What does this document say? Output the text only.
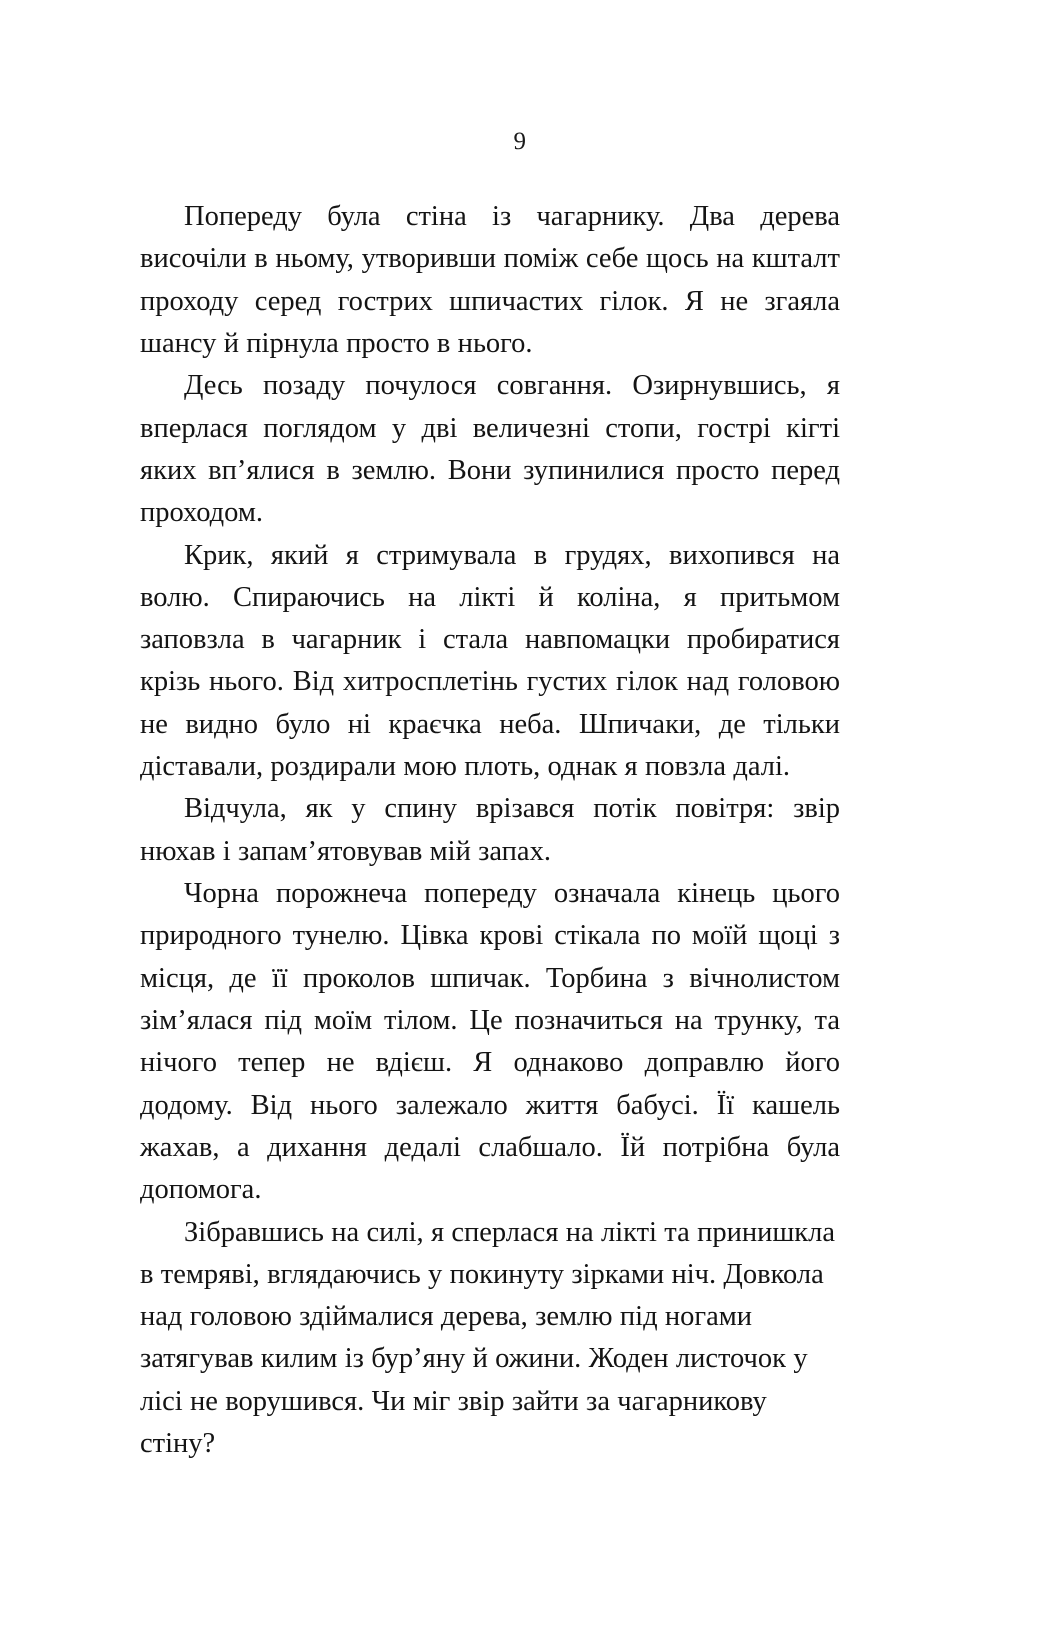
9

Попереду була стіна із чагарнику. Два дерева височіли в ньому, утворивши поміж себе щось на кшталт проходу серед гострих шпичастих гілок. Я не згаяла шансу й пірнула просто в нього.

Десь позаду почулося совгання. Озирнувшись, я вперлася поглядом у дві величезні стопи, гострі кігті яких вп’ялися в землю. Вони зупинилися просто перед проходом.

Крик, який я стримувала в грудях, вихопився на волю. Спираючись на лікті й коліна, я притьмом заповзла в чагарник і стала навпомацки пробиратися крізь нього. Від хитросплетінь густих гілок над головою не видно було ні краєчка неба. Шпичаки, де тільки діставали, роздирали мою плоть, однак я повзла далі.

Відчула, як у спину врізався потік повітря: звір нюхав і запам’ятовував мій запах.

Чорна порожнеча попереду означала кінець цього природного тунелю. Цівка крові стікала по моїй щоці з місця, де її проколов шпичак. Торбина з вічнолистом зім’ялася під моїм тілом. Це позначиться на трунку, та нічого тепер не вдієш. Я однаково доправлю його додому. Від нього залежало життя бабусі. Її кашель жахав, а дихання дедалі слабшало. Їй потрібна була допомога.

Зібравшись на силі, я сперлася на лікті та принишкла в темряві, вглядаючись у покинуту зірками ніч. Довкола над головою здіймалися дерева, землю під ногами затягував килим із бур’яну й ожини. Жоден листочок у лісі не ворушився. Чи міг звір зайти за чагарникову стіну?
